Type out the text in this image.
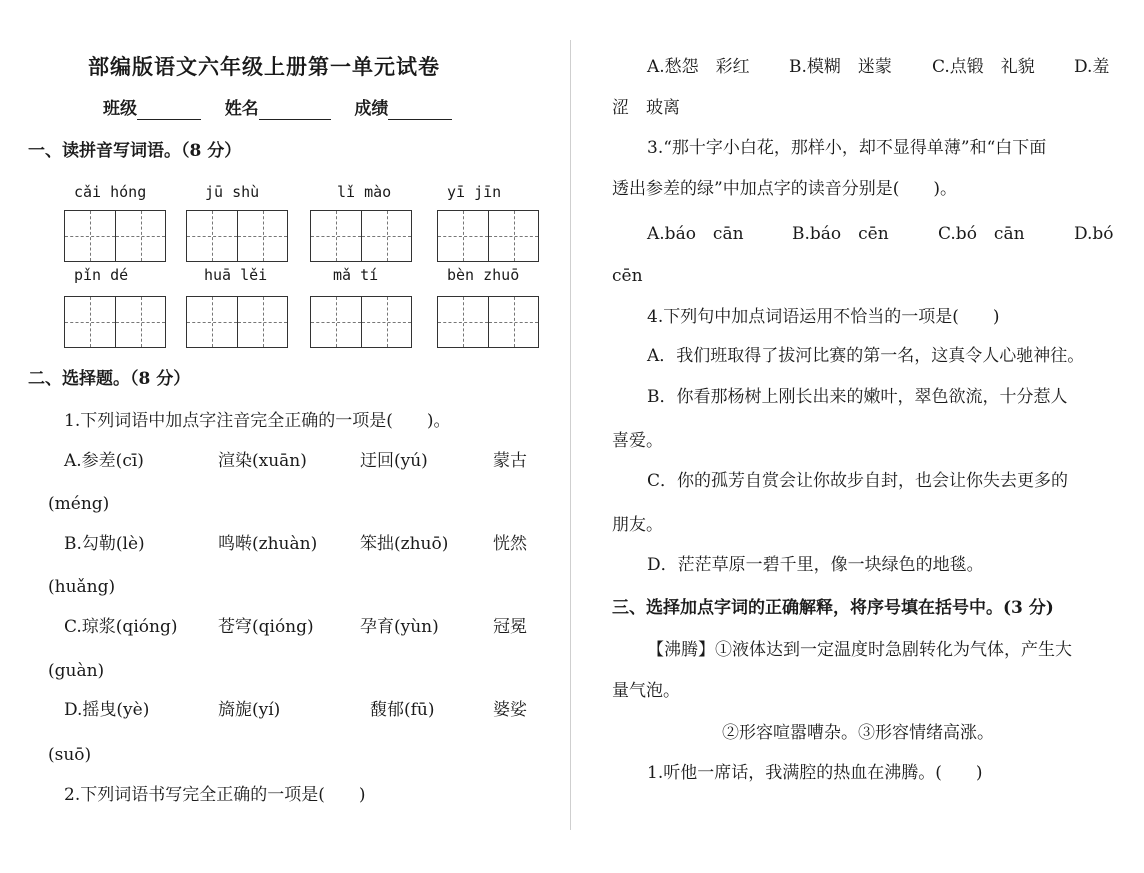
部编版语文六年级上册第一单元试卷
班级	姓名	成绩
一、读拼音写词语。（8 分）
cǎi hóng	jū shù	lǐ mào	yī jīn
pǐn dé	huā lěi	mǎ tí	bèn zhuō
二、选择题。（8 分）
1.下列词语中加点字注音完全正确的一项是(　　)。
A.参差(cī)	渲染(xuān)	迂回(yú)	蒙古
(méng)
B.勾勒(lè)	鸣啭(zhuàn)	笨拙(zhuō)	恍然
(huǎng)
C.琼浆(qióng) 苍穹(qióng)	孕育(yùn)	冠冕
(guàn)
D.摇曳(yè)	旖旎(yí)	馥郁(fū)	婆娑
(suō)
2.下列词语书写完全正确的一项是(　　)
A.愁怨　彩红 B.模糊　迷蒙 C.点锻　礼貌 D.羞
涩　玻离
3.“那十字小白花，那样小，却不显得单薄”和“白下面
透出参差的绿”中加点字的读音分别是(　　)。
A.báo　cān	B.báo　cēn	C.bó　cān	D.bó
cēn
4.下列句中加点词语运用不恰当的一项是(　　)
A．我们班取得了拔河比赛的第一名，这真令人心驰神往。
B．你看那杨树上刚长出来的嫩叶，翠色欲流，十分惹人
喜爱。
C．你的孤芳自赏会让你故步自封，也会让你失去更多的
朋友。
D．茫茫草原一碧千里，像一块绿色的地毯。
三、选择加点字词的正确解释，将序号填在括号中。(3 分)
【沸腾】①液体达到一定温度时急剧转化为气体，产生大
量气泡。
②形容喧嚣嘈杂。③形容情绪高涨。
1.听他一席话，我满腔的热血在沸腾。(　　)
